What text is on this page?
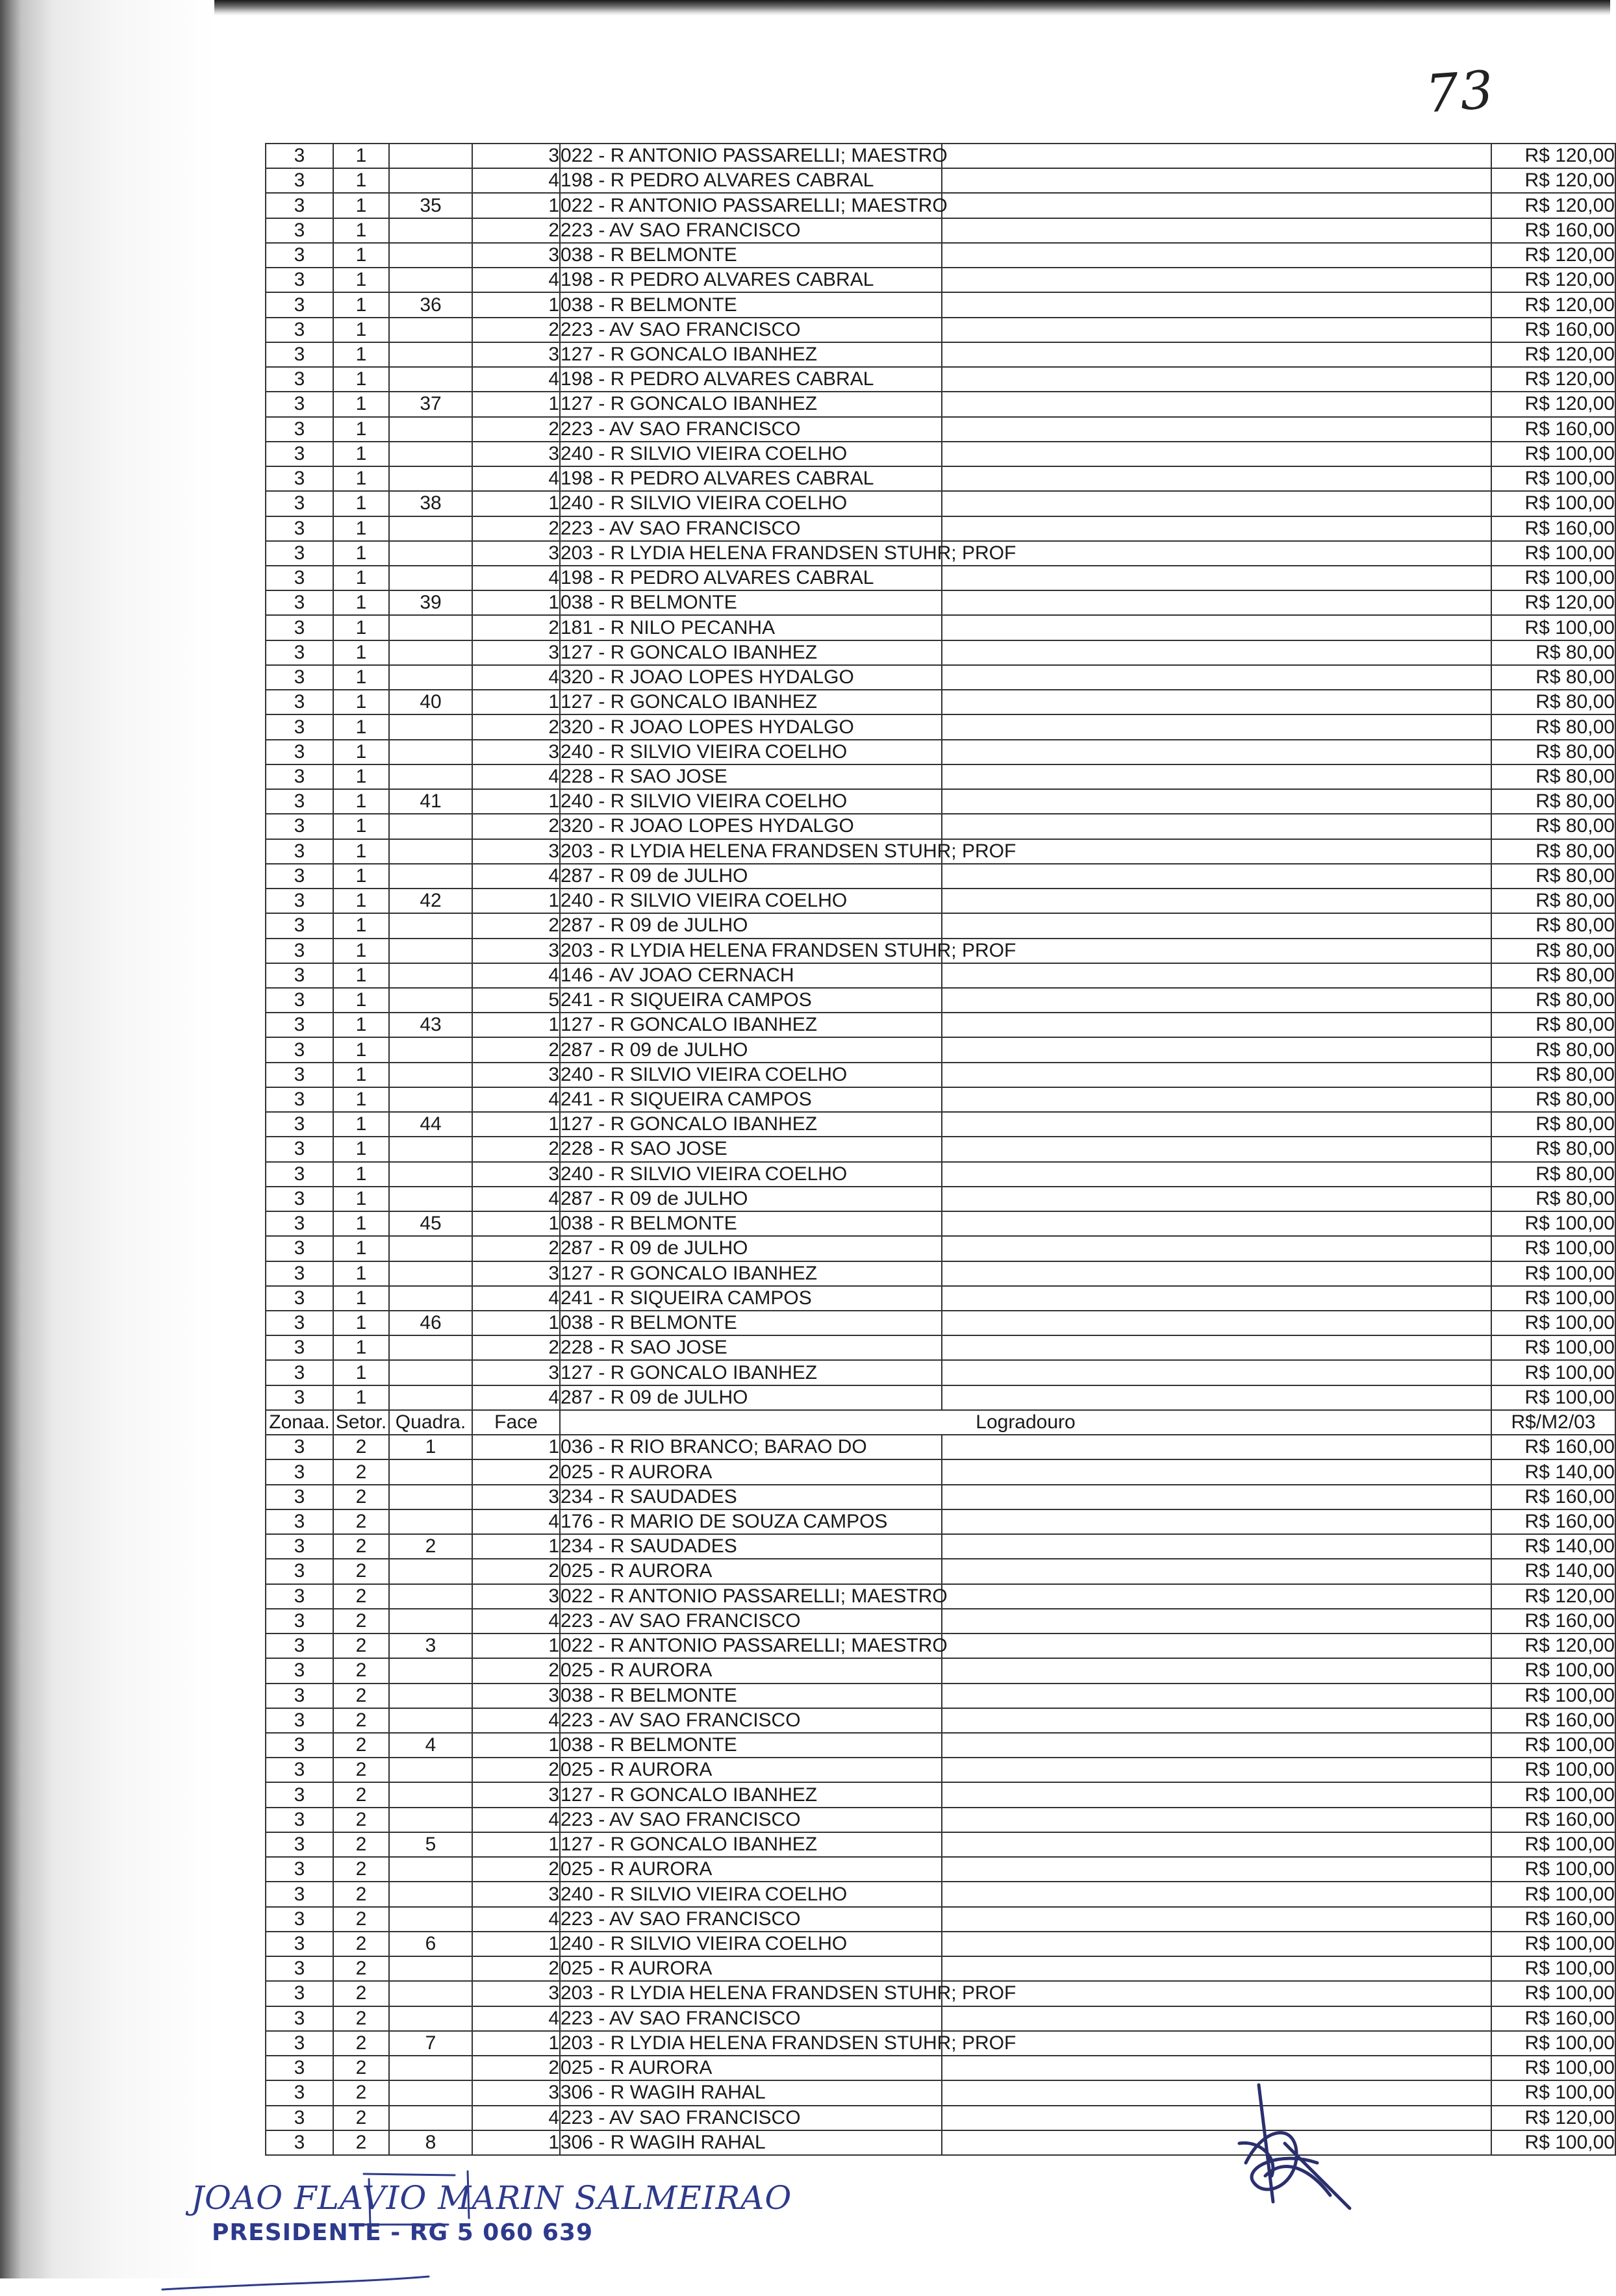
73
3	1		3	022 - R ANTONIO PASSARELLI; MAESTRO		R$ 120,00
3	1		4	198 - R PEDRO ALVARES CABRAL		R$ 120,00
3	1	35	1	022 - R ANTONIO PASSARELLI; MAESTRO		R$ 120,00
3	1		2	223 - AV SAO FRANCISCO		R$ 160,00
3	1		3	038 - R BELMONTE		R$ 120,00
3	1		4	198 - R PEDRO ALVARES CABRAL		R$ 120,00
3	1	36	1	038 - R BELMONTE		R$ 120,00
3	1		2	223 - AV SAO FRANCISCO		R$ 160,00
3	1		3	127 - R GONCALO IBANHEZ		R$ 120,00
3	1		4	198 - R PEDRO ALVARES CABRAL		R$ 120,00
3	1	37	1	127 - R GONCALO IBANHEZ		R$ 120,00
3	1		2	223 - AV SAO FRANCISCO		R$ 160,00
3	1		3	240 - R SILVIO VIEIRA COELHO		R$ 100,00
3	1		4	198 - R PEDRO ALVARES CABRAL		R$ 100,00
3	1	38	1	240 - R SILVIO VIEIRA COELHO		R$ 100,00
3	1		2	223 - AV SAO FRANCISCO		R$ 160,00
3	1		3	203 - R LYDIA HELENA FRANDSEN STUHR; PROF		R$ 100,00
3	1		4	198 - R PEDRO ALVARES CABRAL		R$ 100,00
3	1	39	1	038 - R BELMONTE		R$ 120,00
3	1		2	181 - R NILO PECANHA		R$ 100,00
3	1		3	127 - R GONCALO IBANHEZ		R$ 80,00
3	1		4	320 - R JOAO LOPES HYDALGO		R$ 80,00
3	1	40	1	127 - R GONCALO IBANHEZ		R$ 80,00
3	1		2	320 - R JOAO LOPES HYDALGO		R$ 80,00
3	1		3	240 - R SILVIO VIEIRA COELHO		R$ 80,00
3	1		4	228 - R SAO JOSE		R$ 80,00
3	1	41	1	240 - R SILVIO VIEIRA COELHO		R$ 80,00
3	1		2	320 - R JOAO LOPES HYDALGO		R$ 80,00
3	1		3	203 - R LYDIA HELENA FRANDSEN STUHR; PROF		R$ 80,00
3	1		4	287 - R 09 de JULHO		R$ 80,00
3	1	42	1	240 - R SILVIO VIEIRA COELHO		R$ 80,00
3	1		2	287 - R 09 de JULHO		R$ 80,00
3	1		3	203 - R LYDIA HELENA FRANDSEN STUHR; PROF		R$ 80,00
3	1		4	146 - AV JOAO CERNACH		R$ 80,00
3	1		5	241 - R SIQUEIRA CAMPOS		R$ 80,00
3	1	43	1	127 - R GONCALO IBANHEZ		R$ 80,00
3	1		2	287 - R 09 de JULHO		R$ 80,00
3	1		3	240 - R SILVIO VIEIRA COELHO		R$ 80,00
3	1		4	241 - R SIQUEIRA CAMPOS		R$ 80,00
3	1	44	1	127 - R GONCALO IBANHEZ		R$ 80,00
3	1		2	228 - R SAO JOSE		R$ 80,00
3	1		3	240 - R SILVIO VIEIRA COELHO		R$ 80,00
3	1		4	287 - R 09 de JULHO		R$ 80,00
3	1	45	1	038 - R BELMONTE		R$ 100,00
3	1		2	287 - R 09 de JULHO		R$ 100,00
3	1		3	127 - R GONCALO IBANHEZ		R$ 100,00
3	1		4	241 - R SIQUEIRA CAMPOS		R$ 100,00
3	1	46	1	038 - R BELMONTE		R$ 100,00
3	1		2	228 - R SAO JOSE		R$ 100,00
3	1		3	127 - R GONCALO IBANHEZ		R$ 100,00
3	1		4	287 - R 09 de JULHO		R$ 100,00
Zonaa.	Setor.	Quadra.	Face	Logradouro		R$/M2/03
3	2	1	1	036 - R RIO BRANCO; BARAO DO		R$ 160,00
3	2		2	025 - R AURORA		R$ 140,00
3	2		3	234 - R SAUDADES		R$ 160,00
3	2		4	176 - R MARIO DE SOUZA CAMPOS		R$ 160,00
3	2	2	1	234 - R SAUDADES		R$ 140,00
3	2		2	025 - R AURORA		R$ 140,00
3	2		3	022 - R ANTONIO PASSARELLI; MAESTRO		R$ 120,00
3	2		4	223 - AV SAO FRANCISCO		R$ 160,00
3	2	3	1	022 - R ANTONIO PASSARELLI; MAESTRO		R$ 120,00
3	2		2	025 - R AURORA		R$ 100,00
3	2		3	038 - R BELMONTE		R$ 100,00
3	2		4	223 - AV SAO FRANCISCO		R$ 160,00
3	2	4	1	038 - R BELMONTE		R$ 100,00
3	2		2	025 - R AURORA		R$ 100,00
3	2		3	127 - R GONCALO IBANHEZ		R$ 100,00
3	2		4	223 - AV SAO FRANCISCO		R$ 160,00
3	2	5	1	127 - R GONCALO IBANHEZ		R$ 100,00
3	2		2	025 - R AURORA		R$ 100,00
3	2		3	240 - R SILVIO VIEIRA COELHO		R$ 100,00
3	2		4	223 - AV SAO FRANCISCO		R$ 160,00
3	2	6	1	240 - R SILVIO VIEIRA COELHO		R$ 100,00
3	2		2	025 - R AURORA		R$ 100,00
3	2		3	203 - R LYDIA HELENA FRANDSEN STUHR; PROF		R$ 100,00
3	2		4	223 - AV SAO FRANCISCO		R$ 160,00
3	2	7	1	203 - R LYDIA HELENA FRANDSEN STUHR; PROF		R$ 100,00
3	2		2	025 - R AURORA		R$ 100,00
3	2		3	306 - R WAGIH RAHAL		R$ 100,00
3	2		4	223 - AV SAO FRANCISCO		R$ 120,00
3	2	8	1	306 - R WAGIH RAHAL		R$ 100,00
JOAO FLAVIO MARIN SALMEIRAO
PRESIDENTE - RG 5 060 639
